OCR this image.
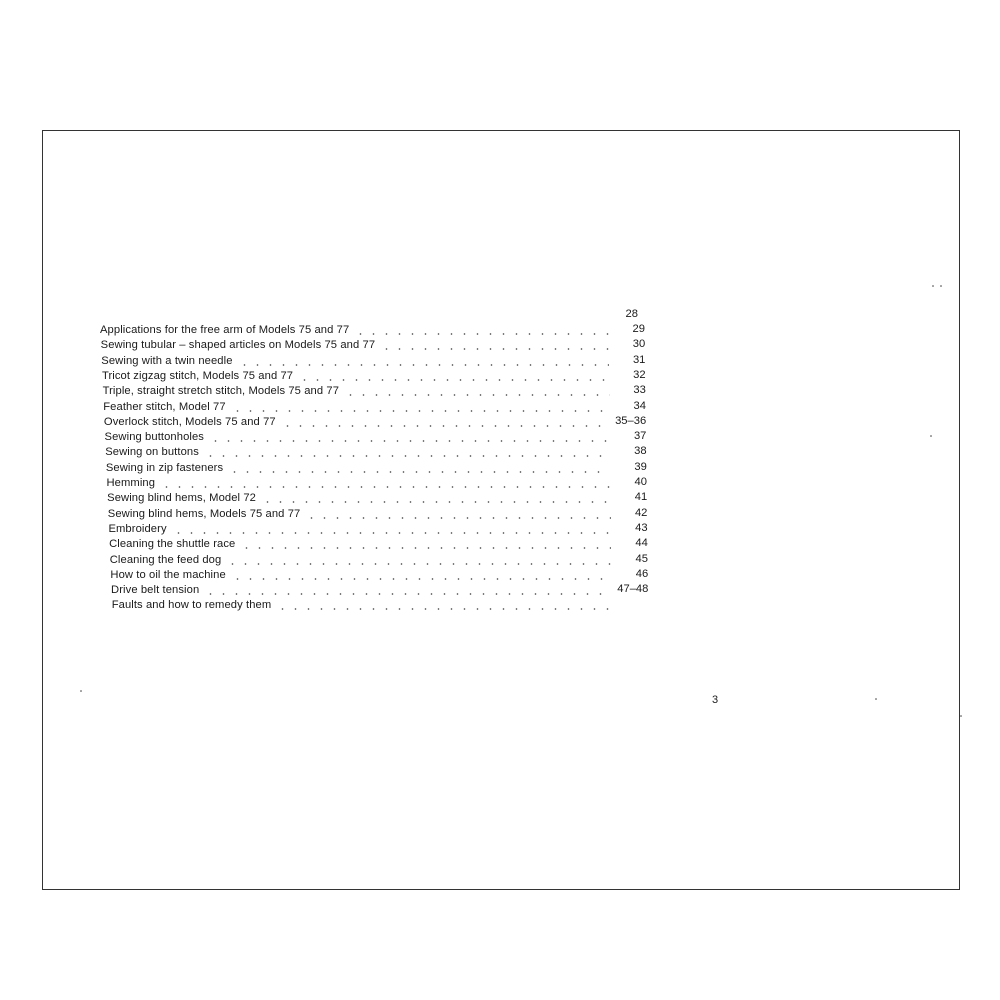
28
Applications for the free arm of Models 75 and 77	29
Sewing tubular – shaped articles on Models 75 and 77	30
Sewing with a twin needle	31
Tricot zigzag stitch, Models 75 and 77	32
Triple, straight stretch stitch, Models 75 and 77	33
Feather stitch, Model 77	34
Overlock stitch, Models 75 and 77	35–36
Sewing buttonholes	37
Sewing on buttons	38
Sewing in zip fasteners	39
Hemming	40
Sewing blind hems, Model 72	41
Sewing blind hems, Models 75 and 77	42
Embroidery	43
Cleaning the shuttle race	44
Cleaning the feed dog	45
How to oil the machine	46
Drive belt tension	47–48
Faults and how to remedy them
3
